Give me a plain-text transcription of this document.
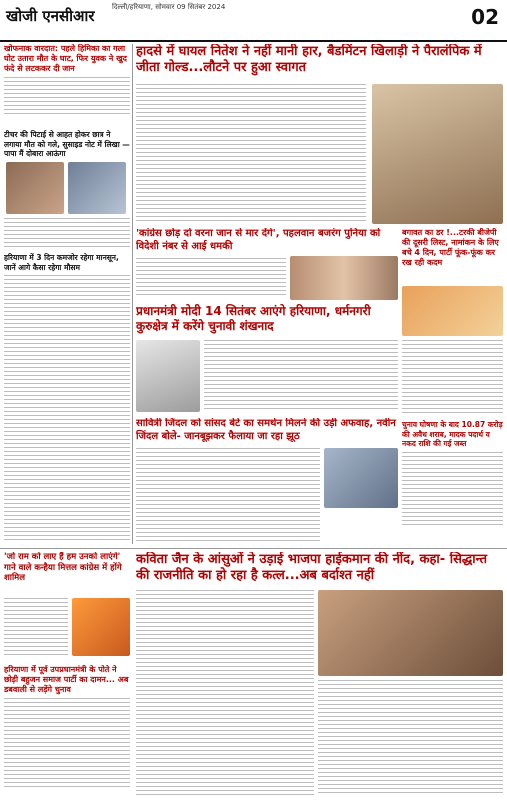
खोजी एनसीआर दिल्ली/हरियाणा, सोमवार 09 सितंबर 2024	02
खोफनाक वारदात: पहले हिमिका का गला घोट उतारा मौत के घाट, फिर युवक ने खुद फंदे से लटककर दी जान
टीचर की पिटाई से आहत होकर छात्र ने लगाया मौत को गले, सुसाइड नोट में लिखा — पापा मैं दोबारा आऊंगा
हरियाणा में 3 दिन कमजोर रहेगा मानसून, जानें आगे कैसा रहेगा मौसम
हादसे में घायल नितेश ने नहीं मानी हार, बैडमिंटन खिलाड़ी ने पैरालंपिक में जीता गोल्ड...लौटने पर हुआ स्वागत
'कांग्रेस छोड़ दो वरना जान से मार देंगे', पहलवान बजरंग पुनिया को विदेशी नंबर से आई धमकी
बगावत का डर !...टरकी बीजेपी की दूसरी लिस्ट, नामांकन के लिए बचे 4 दिन, पार्टी फूंक-फूंक कर रख रही कदम
प्रधानमंत्री मोदी 14 सितंबर आएंगे हरियाणा, धर्मनगरी कुरुक्षेत्र में करेंगे चुनावी शंखनाद
सावित्री जिंदल को सांसद बेटे का समर्थन मिलने की उड़ी अफवाह, नवीन जिंदल बोले- जानबूझकर फैलाया जा रहा झूठ
चुनाव घोषणा के बाद 10.87 करोड़ की अवैध शराब, मादक पदार्थ व नकद राशि की गई जब्त
'जो राम को लाए हैं हम उनको लाएंगे' गाने वाले कन्हैया मित्तल कांग्रेस में होंगे शामिल
हरियाणा में पूर्व उपप्रधानमंत्री के पोते ने छोड़ी बहुजन समाज पार्टी का दामन... अब डबवाली से लड़ेंगे चुनाव
कविता जैन के आंसुओं ने उड़ाई भाजपा हाईकमान की नींद, कहा- सिद्धान्त की राजनीति का हो रहा है कत्ल...अब बर्दाश्त नहीं
